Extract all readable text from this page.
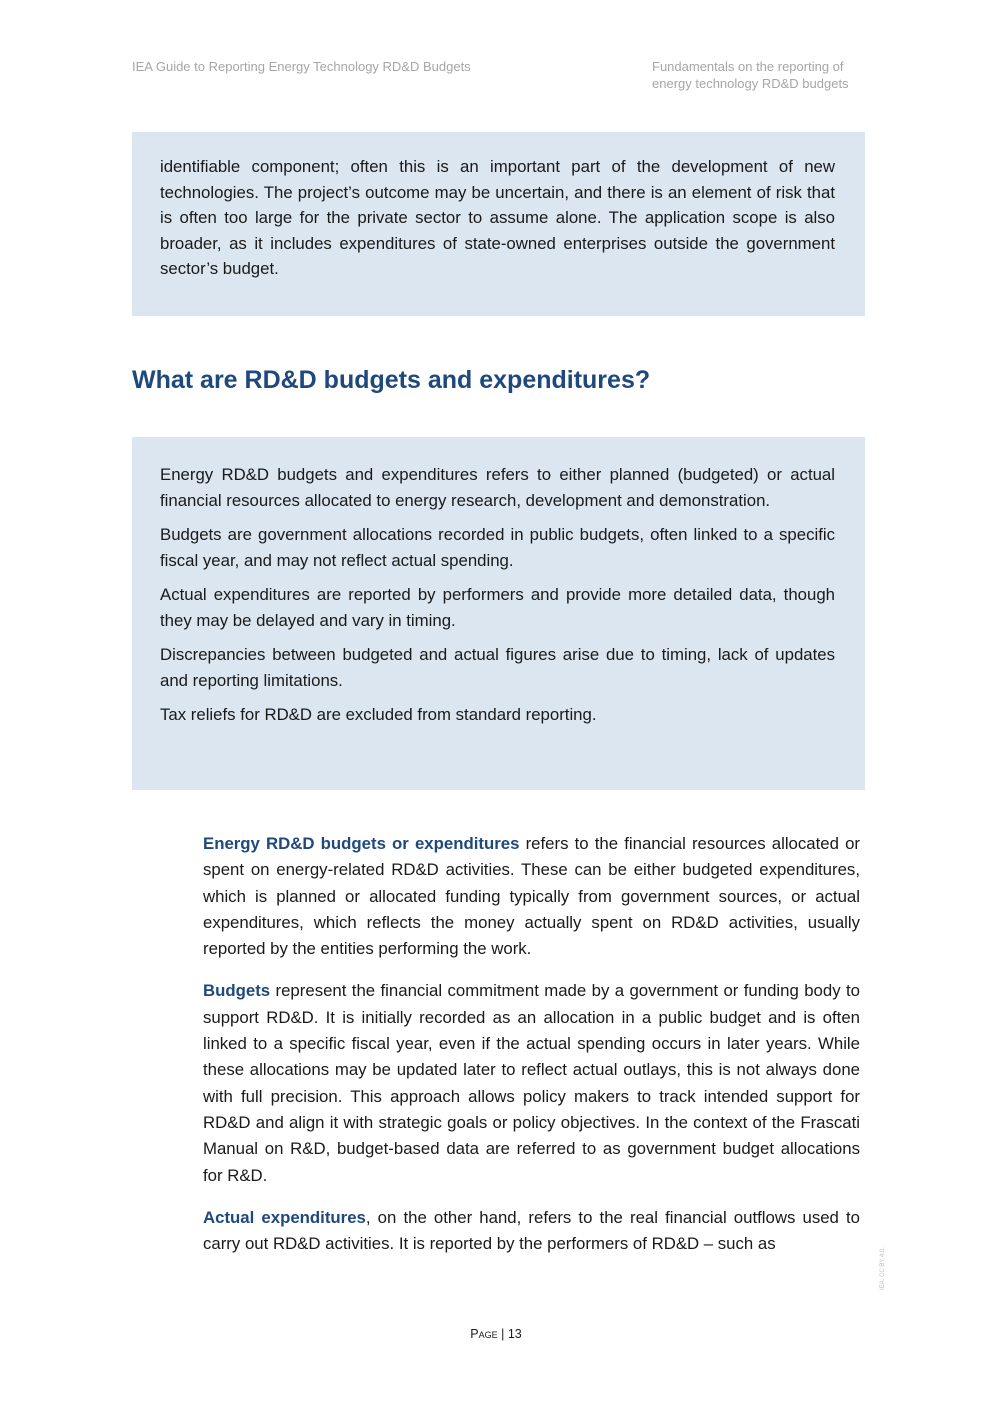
IEA Guide to Reporting Energy Technology RD&D Budgets	Fundamentals on the reporting of
energy technology RD&D budgets

identifiable component; often this is an important part of the development of new technologies. The project’s outcome may be uncertain, and there is an element of risk that is often too large for the private sector to assume alone. The application scope is also broader, as it includes expenditures of state-owned enterprises outside the government sector’s budget.

What are RD&D budgets and expenditures?

Energy RD&D budgets and expenditures refers to either planned (budgeted) or actual financial resources allocated to energy research, development and demonstration.

Budgets are government allocations recorded in public budgets, often linked to a specific fiscal year, and may not reflect actual spending.

Actual expenditures are reported by performers and provide more detailed data, though they may be delayed and vary in timing.

Discrepancies between budgeted and actual figures arise due to timing, lack of updates and reporting limitations.

Tax reliefs for RD&D are excluded from standard reporting.

Energy RD&D budgets or expenditures refers to the financial resources allocated or spent on energy-related RD&D activities. These can be either budgeted expenditures, which is planned or allocated funding typically from government sources, or actual expenditures, which reflects the money actually spent on RD&D activities, usually reported by the entities performing the work.

Budgets represent the financial commitment made by a government or funding body to support RD&D. It is initially recorded as an allocation in a public budget and is often linked to a specific fiscal year, even if the actual spending occurs in later years. While these allocations may be updated later to reflect actual outlays, this is not always done with full precision. This approach allows policy makers to track intended support for RD&D and align it with strategic goals or policy objectives. In the context of the Frascati Manual on R&D, budget-based data are referred to as government budget allocations for R&D.

Actual expenditures, on the other hand, refers to the real financial outflows used to carry out RD&D activities. It is reported by the performers of RD&D – such as

Page | 13
IEA. CC BY 4.0.
